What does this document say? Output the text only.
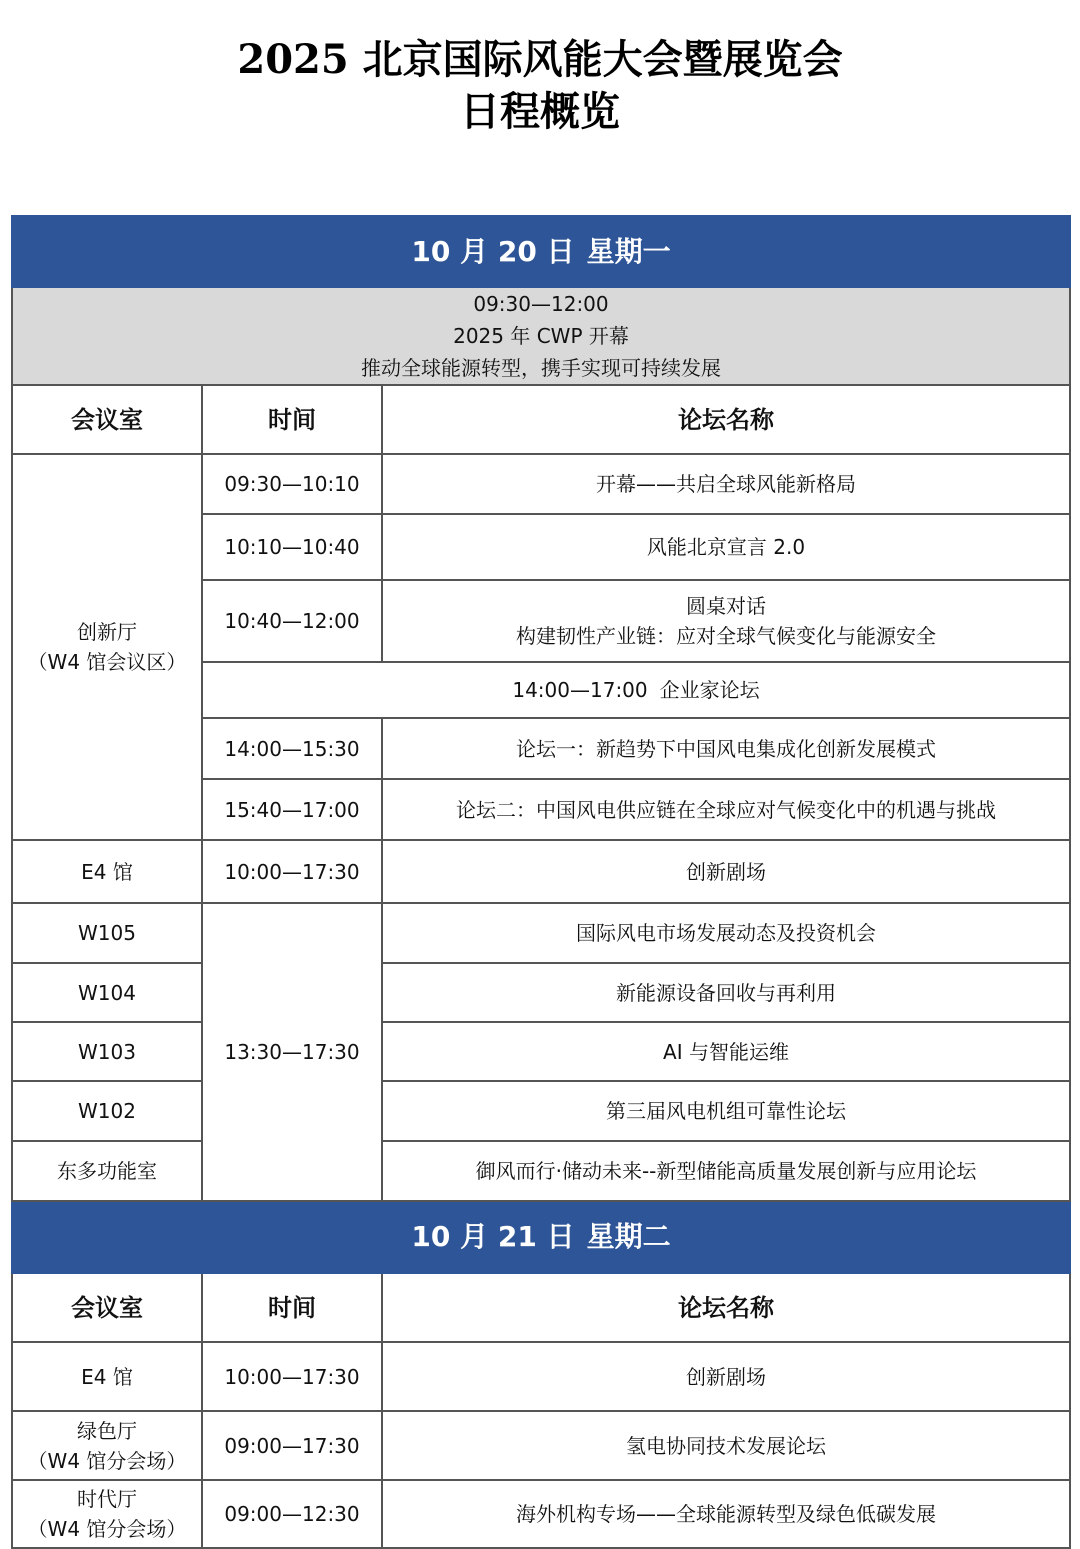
2025 北京国际风能大会暨展览会
日程概览
10 月 20 日 星期一		

09:30—12:00
2025 年 CWP 开幕
推动全球能源转型，携手实现可持续发展		

会议室	时间	论坛名称

创新厅
（W4 馆会议区）	09:30—10:10	开幕——共启全球风能新格局
	10:10—10:40	风能北京宣言 2.0
	10:40—12:00	圆桌对话
构建韧性产业链：应对全球气候变化与能源安全

	14:00—17:00 企业家论坛	
	14:00—15:30	论坛一：新趋势下中国风电集成化创新发展模式
	15:40—17:00	论坛二：中国风电供应链在全球应对气候变化中的机遇与挑战
E4 馆	10:00—17:30	创新剧场
W105	13:30—17:30	国际风电市场发展动态及投资机会
W104		新能源设备回收与再利用
W103		AI 与智能运维
W102		第三届风电机组可靠性论坛
东多功能室		御风而行·储动未来--新型储能高质量发展创新与应用论坛
10 月 21 日 星期二		
会议室	时间	论坛名称
E4 馆	10:00—17:30	创新剧场

绿色厅
（W4 馆分会场）	09:00—17:30	氢电协同技术发展论坛

时代厅
（W4 馆分会场）	09:00—12:30	海外机构专场——全球能源转型及绿色低碳发展
